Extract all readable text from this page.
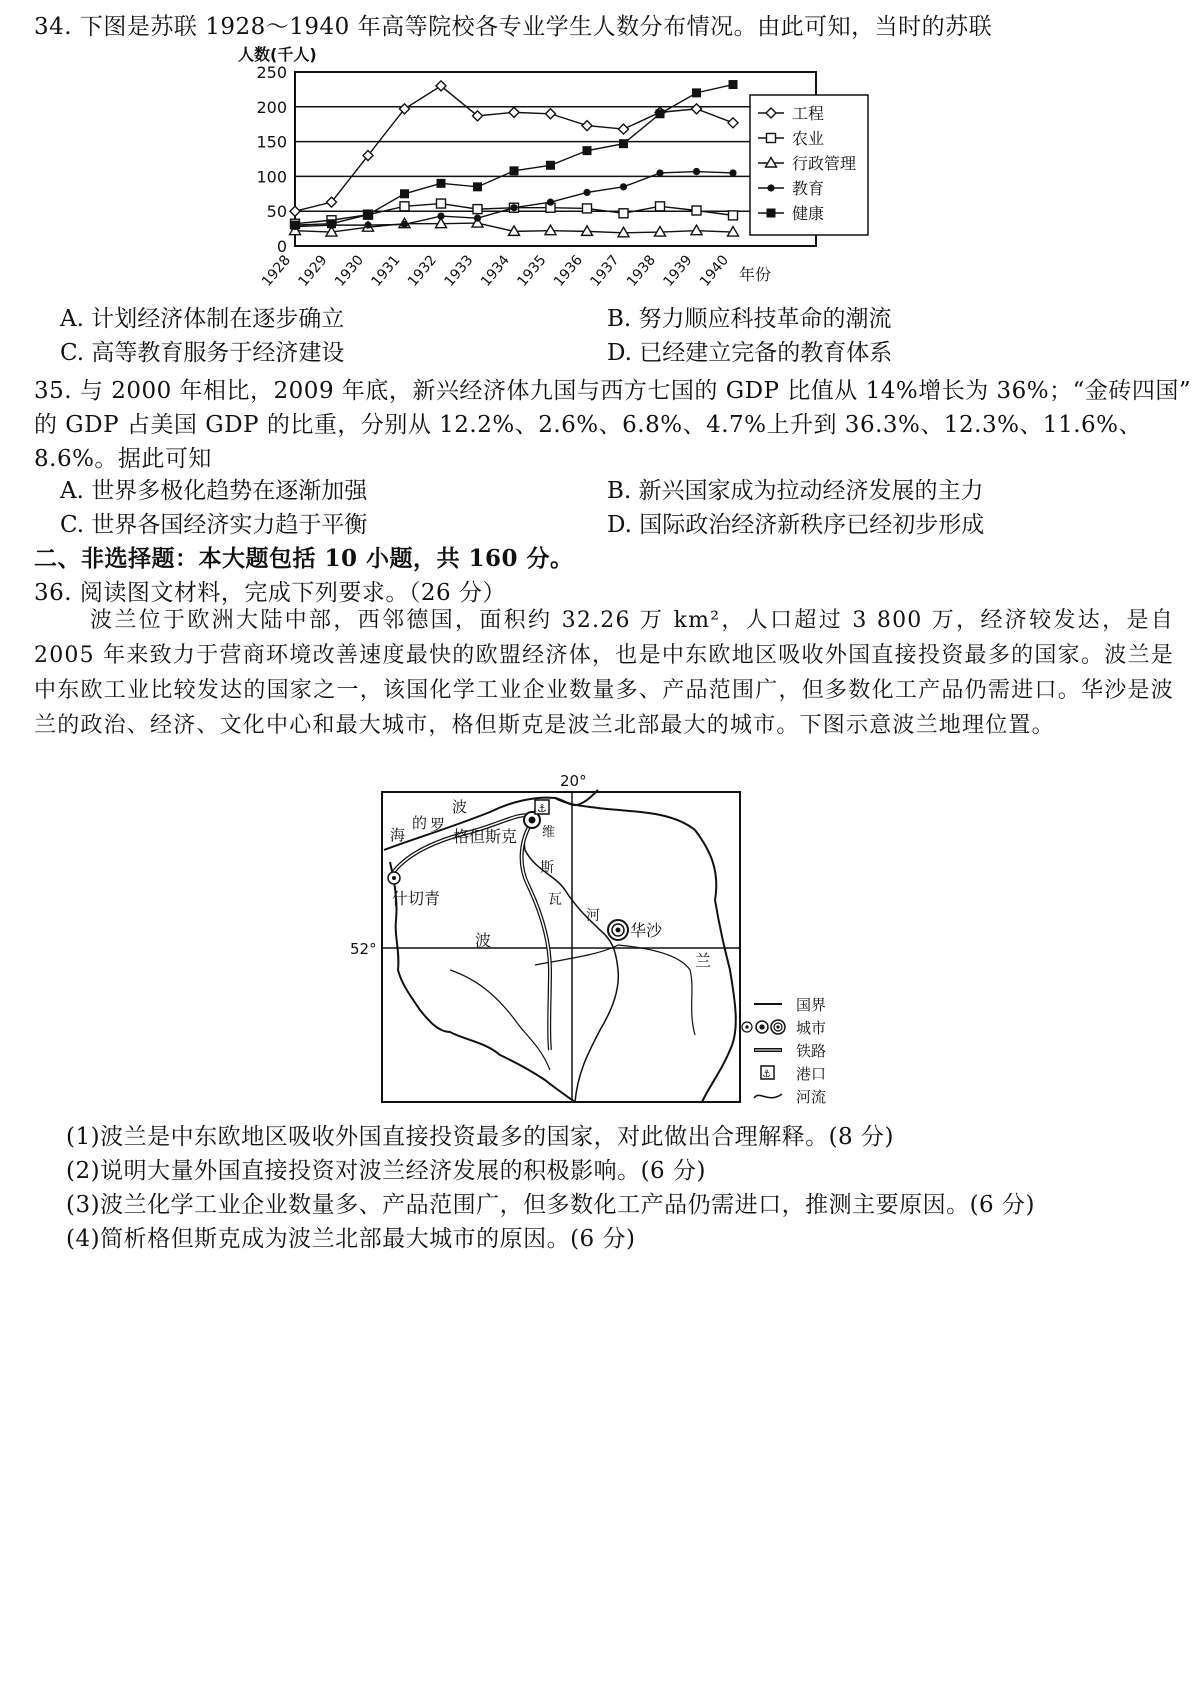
34. 下图是苏联 1928～1940 年高等院校各专业学生人数分布情况。由此可知，当时的苏联
人数(千人)
0
50
100
150
200
250
1928 1929 1930 1931 1932 1933 1934 1935 1936 1937 1938 1939 1940 年份
工程
农业
行政管理
教育
健康
A. 计划经济体制在逐步确立	B. 努力顺应科技革命的潮流
C. 高等教育服务于经济建设	D. 已经建立完备的教育体系
35. 与 2000 年相比，2009 年底，新兴经济体九国与西方七国的 GDP 比值从 14%增长为 36%；“金砖四国”
的 GDP 占美国 GDP 的比重，分别从 12.2%、2.6%、6.8%、4.7%上升到 36.3%、12.3%、11.6%、
8.6%。据此可知
A. 世界多极化趋势在逐渐加强	B. 新兴国家成为拉动经济发展的主力
C. 世界各国经济实力趋于平衡	D. 国际政治经济新秩序已经初步形成
二、非选择题：本大题包括 10 小题，共 160 分。
36. 阅读图文材料，完成下列要求。（26 分）
波兰位于欧洲大陆中部，西邻德国，面积约 32.26 万 km²，人口超过 3 800 万，经济较发达，是自 2005 年来致力于营商环境改善速度最快的欧盟经济体，也是中东欧地区吸收外国直接投资最多的国家。波兰是中东欧工业比较发达的国家之一，该国化学工业企业数量多、产品范围广，但多数化工产品仍需进口。华沙是波兰的政治、经济、文化中心和最大城市，格但斯克是波兰北部最大的城市。下图示意波兰地理位置。
20°
52°
⚓
波
罗
的
海	格但斯克
什切青
华沙
维
斯
瓦
河
波
兰
国界
城市
铁路
⚓ 港口
河流
(1)波兰是中东欧地区吸收外国直接投资最多的国家，对此做出合理解释。(8 分)
(2)说明大量外国直接投资对波兰经济发展的积极影响。(6 分)
(3)波兰化学工业企业数量多、产品范围广，但多数化工产品仍需进口，推测主要原因。(6 分)
(4)简析格但斯克成为波兰北部最大城市的原因。(6 分)
